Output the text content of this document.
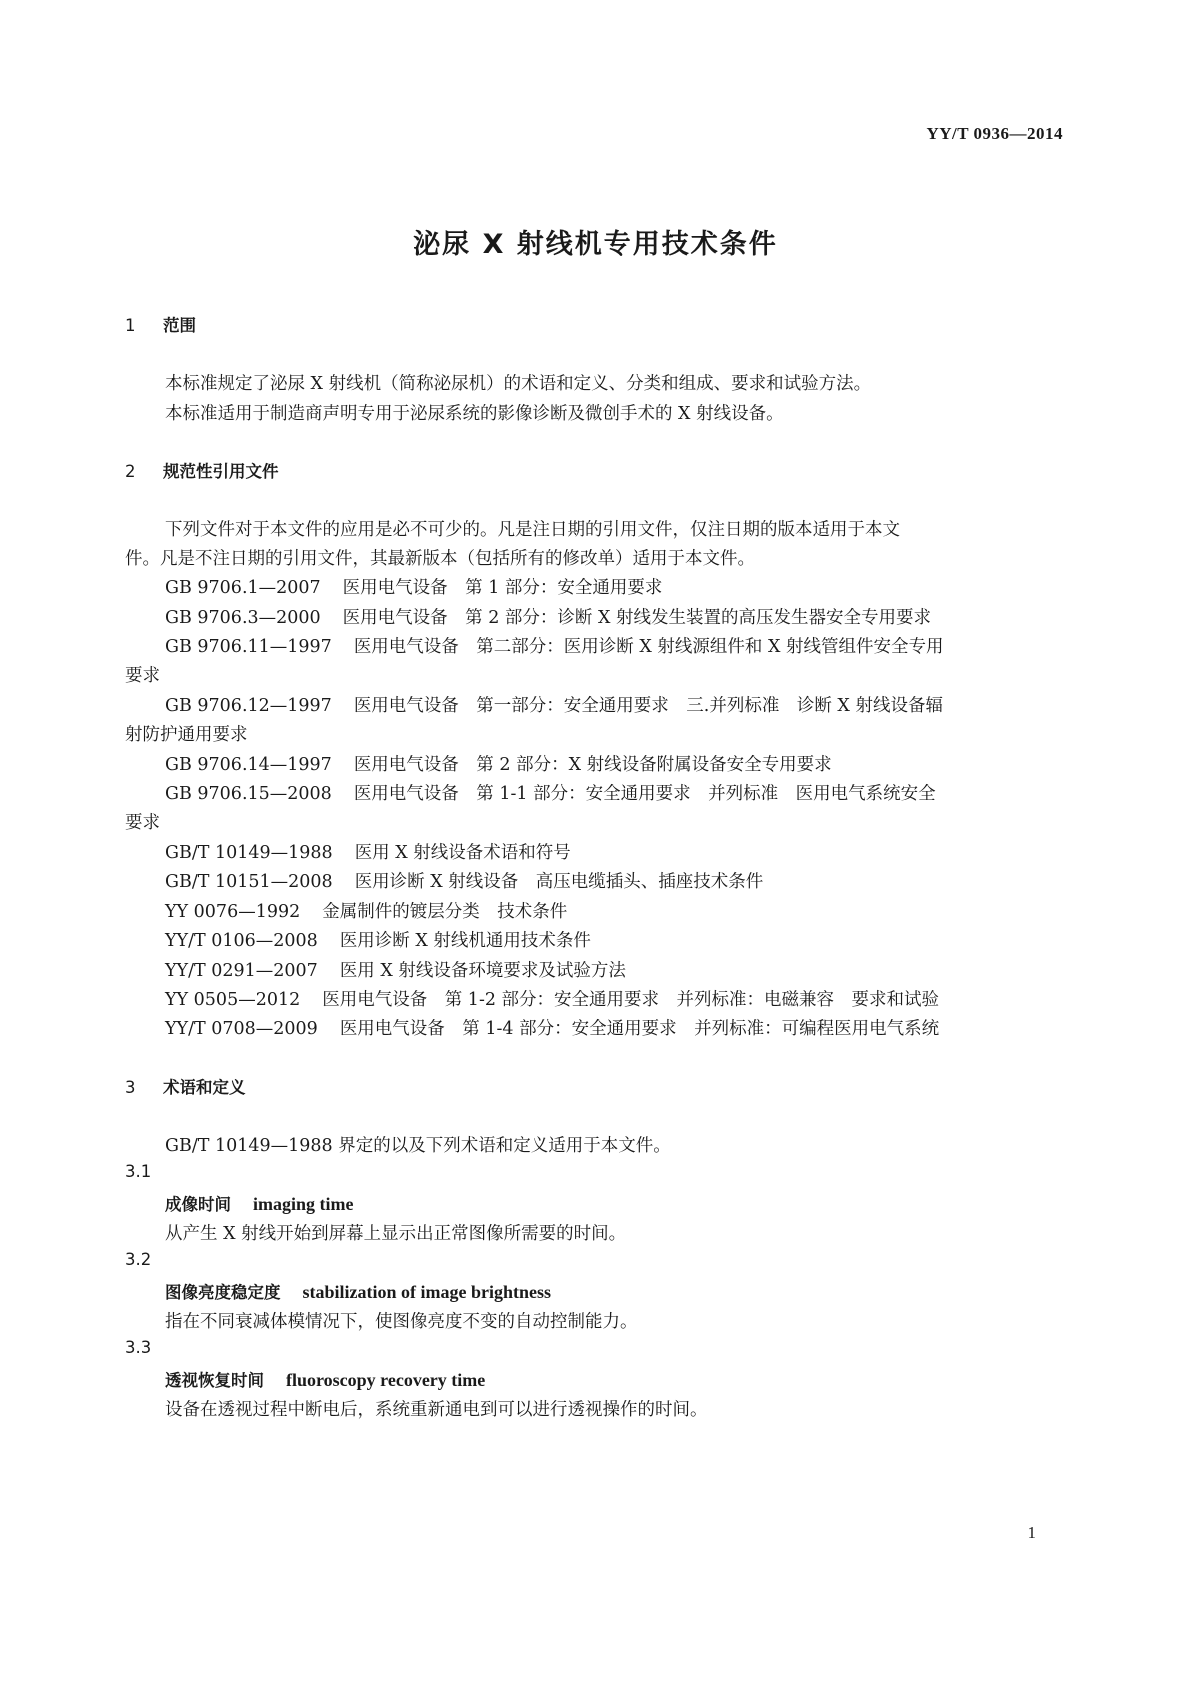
YY/T 0936—2014
泌尿 X 射线机专用技术条件
1 范围
本标准规定了泌尿 X 射线机（简称泌尿机）的术语和定义、分类和组成、要求和试验方法。
本标准适用于制造商声明专用于泌尿系统的影像诊断及微创手术的 X 射线设备。
2 规范性引用文件
下列文件对于本文件的应用是必不可少的。凡是注日期的引用文件，仅注日期的版本适用于本文
件。凡是不注日期的引用文件，其最新版本（包括所有的修改单）适用于本文件。
GB 9706.1—2007 医用电气设备　第 1 部分：安全通用要求
GB 9706.3—2000 医用电气设备　第 2 部分：诊断 X 射线发生装置的高压发生器安全专用要求
GB 9706.11—1997 医用电气设备　第二部分：医用诊断 X 射线源组件和 X 射线管组件安全专用
要求
GB 9706.12—1997 医用电气设备　第一部分：安全通用要求　三.并列标准　诊断 X 射线设备辐
射防护通用要求
GB 9706.14—1997 医用电气设备　第 2 部分：X 射线设备附属设备安全专用要求
GB 9706.15—2008 医用电气设备　第 1-1 部分：安全通用要求　并列标准　医用电气系统安全
要求
GB/T 10149—1988 医用 X 射线设备术语和符号
GB/T 10151—2008 医用诊断 X 射线设备　高压电缆插头、插座技术条件
YY 0076—1992 金属制件的镀层分类　技术条件
YY/T 0106—2008 医用诊断 X 射线机通用技术条件
YY/T 0291—2007 医用 X 射线设备环境要求及试验方法
YY 0505—2012 医用电气设备　第 1-2 部分：安全通用要求　并列标准：电磁兼容　要求和试验
YY/T 0708—2009 医用电气设备　第 1-4 部分：安全通用要求　并列标准：可编程医用电气系统
3 术语和定义
GB/T 10149—1988 界定的以及下列术语和定义适用于本文件。
3.1
成像时间 imaging time
从产生 X 射线开始到屏幕上显示出正常图像所需要的时间。
3.2
图像亮度稳定度 stabilization of image brightness
指在不同衰减体模情况下，使图像亮度不变的自动控制能力。
3.3
透视恢复时间 fluoroscopy recovery time
设备在透视过程中断电后，系统重新通电到可以进行透视操作的时间。
1
